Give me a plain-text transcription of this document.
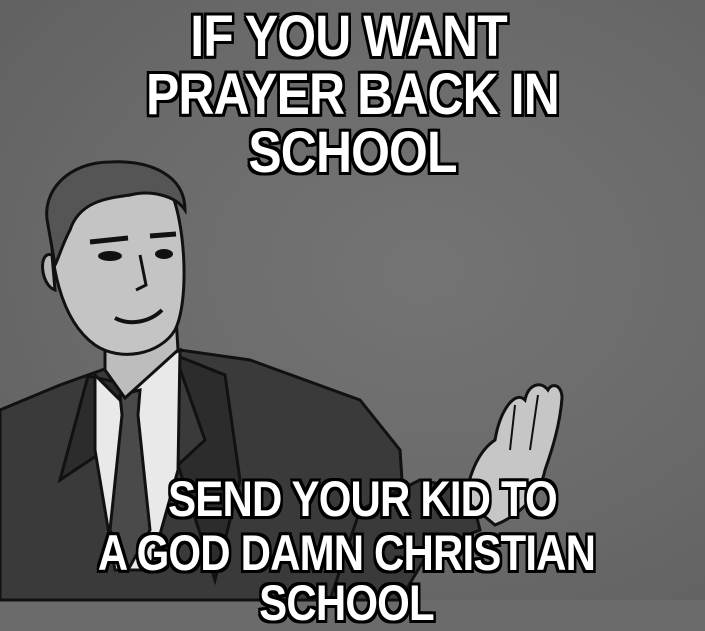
IF YOU WANT
PRAYER BACK IN SCHOOL
SEND YOUR KID TO
A GOD DAMN CHRISTIAN SCHOOL
